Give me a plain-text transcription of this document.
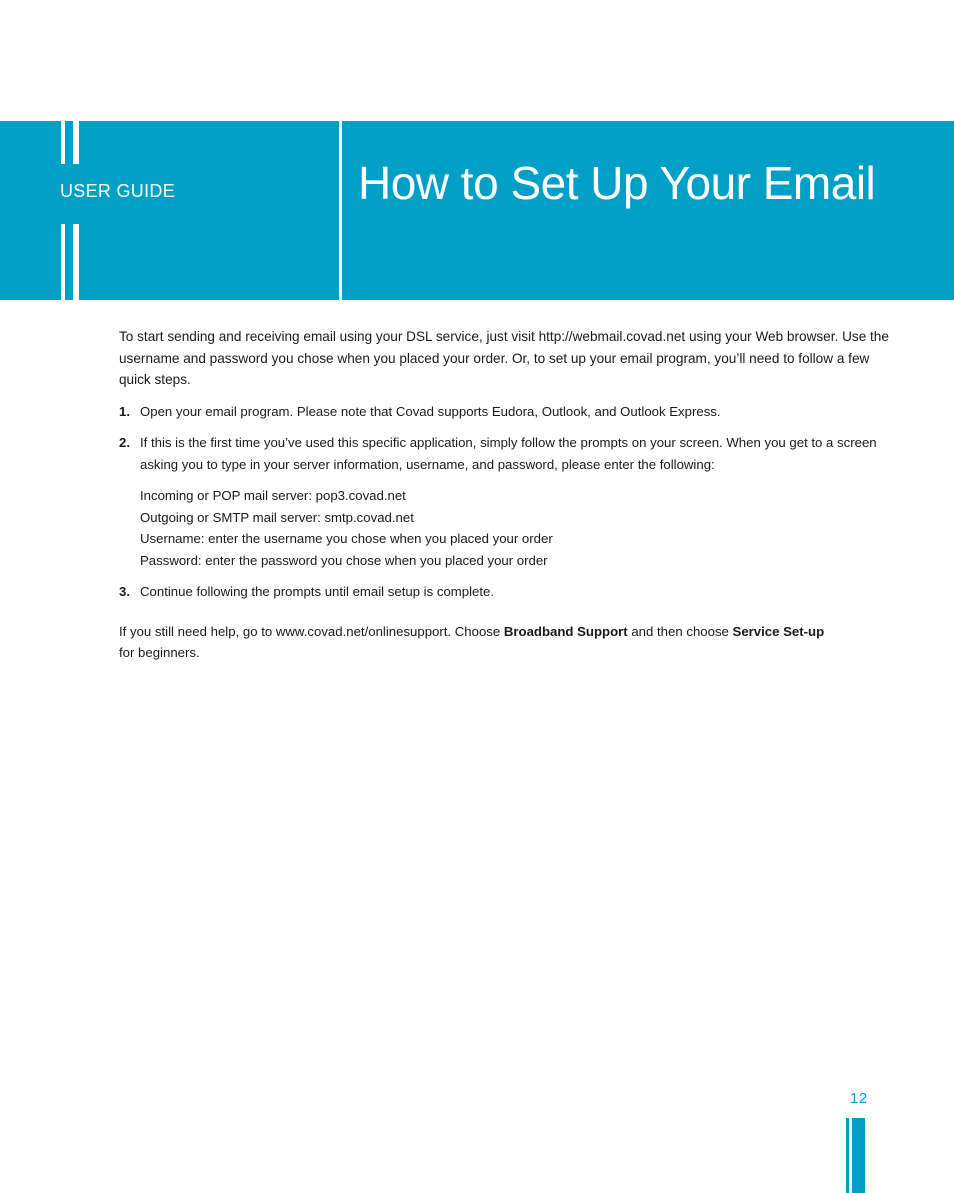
USER GUIDE	How to Set Up Your Email

To start sending and receiving email using your DSL service, just visit http://webmail.covad.net using your Web browser. Use the username and password you chose when you placed your order. Or, to set up your email program, you’ll need to follow a few quick steps.

1. Open your email program. Please note that Covad supports Eudora, Outlook, and Outlook Express.
2. If this is the first time you’ve used this specific application, simply follow the prompts on your screen. When you get to a screen asking you to type in your server information, username, and password, please enter the following:
Incoming or POP mail server: pop3.covad.net
Outgoing or SMTP mail server: smtp.covad.net
Username: enter the username you chose when you placed your order
Password: enter the password you chose when you placed your order
3. Continue following the prompts until email setup is complete.

If you still need help, go to www.covad.net/onlinesupport. Choose Broadband Support and then choose Service Set-up
for beginners.

12
